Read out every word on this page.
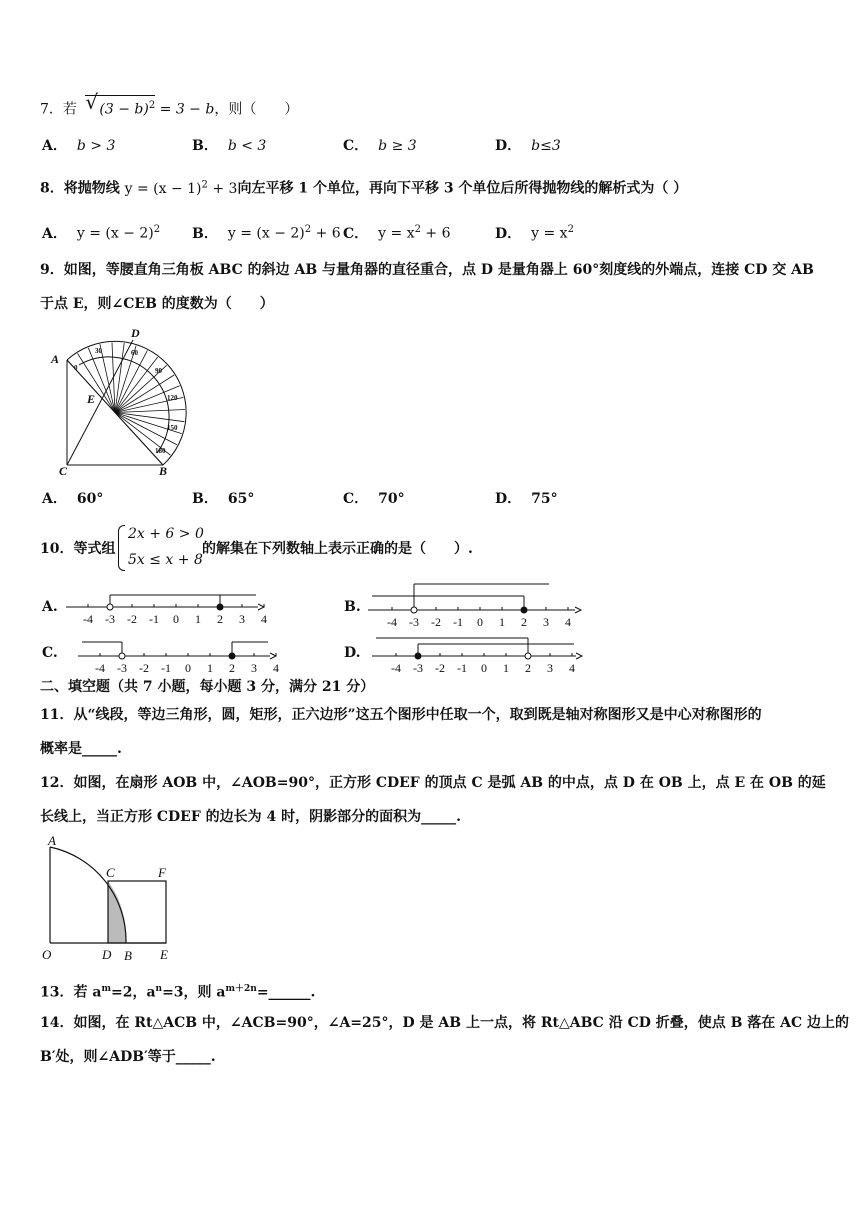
7．若 √ $(3 - b)^2 = 3 - b$，则（　　）
A． b > 3	B． b < 3	C． b ≥ 3	D． b≤3
8．将抛物线 $y = (x - 1)^2 + 3$向左平移 1 个单位，再向下平移 3 个单位后所得抛物线的解析式为（ ）
A． $y = (x - 2)^2$ B． $y = (x - 2)^2 + 6$ C． $y = x^2 + 6$	D． $y = x^2$
9．如图，等腰直角三角板 ABC 的斜边 AB 与量角器的直径重合，点 D 是量角器上 60°刻度线的外端点，连接 CD 交 AB
于点 E，则∠CEB 的度数为（　　）
0
30	60
90
120
150
180
A
D
E
C	B
A． 60°	B． 65°	C． 70°	D． 75°
10．等式组
2x + 6 > 0
5x ≤ x + 8
的解集在下列数轴上表示正确的是（　　）.
A.
-4 -3 -2 -1 0 1 2 3 4
B.
-4 -3 -2 -1 0 1 2 3 4
C.
-4 -3 -2 -1 0 1 2 3 4
D.
-4 -3 -2 -1 0 1 2 3 4
二、填空题（共 7 小题，每小题 3 分，满分 21 分）
11．从“线段，等边三角形，圆，矩形，正六边形”这五个图形中任取一个，取到既是轴对称图形又是中心对称图形的
概率是_____.
12．如图，在扇形 AOB 中，∠AOB=90°，正方形 CDEF 的顶点 C 是弧 AB 的中点，点 D 在 OB 上，点 E 在 OB 的延
长线上，当正方形 CDEF 的边长为 4 时，阴影部分的面积为_____.
A
C	F
O	D B E
13．若 $a^m=2$，$a^n=3$，则 $a^{m+2n}=\_\_\_\_\_\_$.
14．如图，在 Rt△ACB 中，∠ACB=90°，∠A=25°，D 是 AB 上一点，将 Rt△ABC 沿 CD 折叠，使点 B 落在 AC 边上的
B′处，则∠ADB′等于_____.
